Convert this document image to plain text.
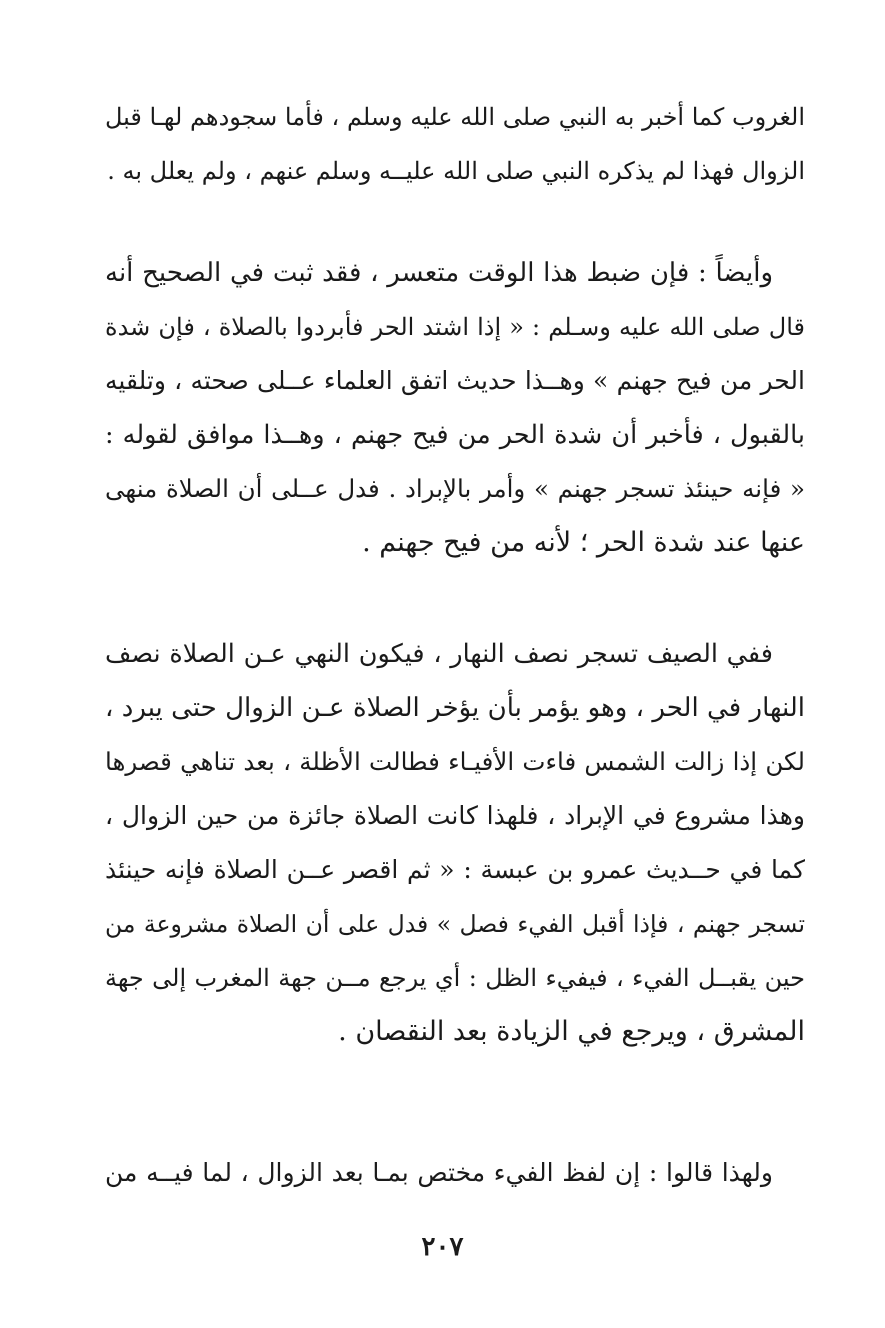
الغروب كما أخبر به النبي صلى الله عليه وسلم ، فأما سجودهم لهـا قبل
الزوال فهذا لم يذكره النبي صلى الله عليــه وسلم عنهم ، ولم يعلل به .
وأيضاً : فإن ضبط هذا الوقت متعسر ، فقد ثبت في الصحيح أنه
قال صلى الله عليه وسـلم : « إذا اشتد الحر فأبردوا بالصلاة ، فإن شدة
الحر من فيح جهنم » وهــذا حديث اتفق العلماء عــلى صحته ، وتلقيه
بالقبول ، فأخبر أن شدة الحر من فيح جهنم ، وهــذا موافق لقوله :
« فإنه حينئذ تسجر جهنم » وأمر بالإبراد . فدل عــلى أن الصلاة منهى
عنها عند شدة الحر ؛ لأنه من فيح جهنم .
ففي الصيف تسجر نصف النهار ، فيكون النهي عـن الصلاة نصف
النهار في الحر ، وهو يؤمر بأن يؤخر الصلاة عـن الزوال حتى يبرد ،
لكن إذا زالت الشمس فاءت الأفيـاء فطالت الأظلة ، بعد تناهي قصرها
وهذا مشروع في الإبراد ، فلهذا كانت الصلاة جائزة من حين الزوال ،
كما في حــديث عمرو بن عبسة : « ثم اقصر عــن الصلاة فإنه حينئذ
تسجر جهنم ، فإذا أقبل الفيء فصل » فدل على أن الصلاة مشروعة من
حين يقبــل الفيء ، فيفيء الظل : أي يرجع مــن جهة المغرب إلى جهة
المشرق ، ويرجع في الزيادة بعد النقصان .
ولهذا قالوا : إن لفظ الفيء مختص بمـا بعد الزوال ، لما فيــه من
٢٠٧
